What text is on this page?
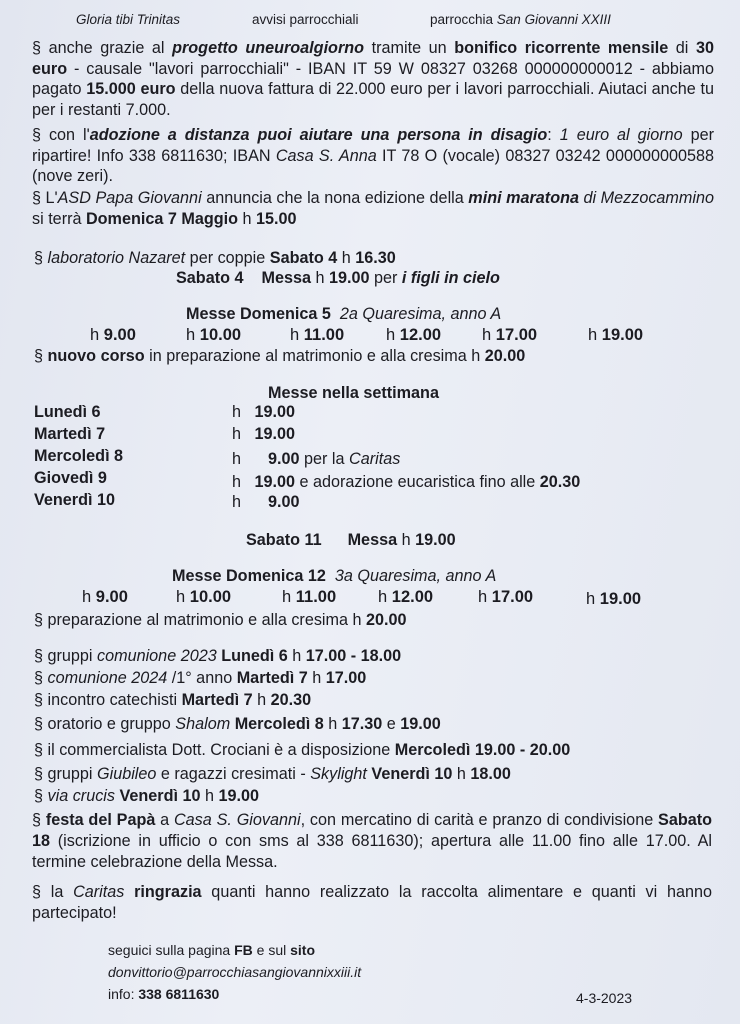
Gloria tibi Trinitas	avvisi parrocchiali	parrocchia San Giovanni XXIII
§ anche grazie al progetto uneuroalgiorno tramite un bonifico ricorrente mensile di 30 euro - causale "lavori parrocchiali" - IBAN IT 59 W 08327 03268 000000000012 - abbiamo pagato 15.000 euro della nuova fattura di 22.000 euro per i lavori parrocchiali. Aiutaci anche tu per i restanti 7.000.
§ con l'adozione a distanza puoi aiutare una persona in disagio: 1 euro al giorno per ripartire! Info 338 6811630; IBAN Casa S. Anna IT 78 O (vocale) 08327 03242 000000000588 (nove zeri).
§ L'ASD Papa Giovanni annuncia che la nona edizione della mini maratona di Mezzocammino si terrà Domenica 7 Maggio h 15.00
§ laboratorio Nazaret per coppie Sabato 4 h 16.30
Sabato 4 Messa h 19.00 per i figli in cielo
Messe Domenica 5 2a Quaresima, anno A
h 9.00	h 10.00	h 11.00	h 12.00 h 17.00	h 19.00
§ nuovo corso in preparazione al matrimonio e alla cresima h 20.00
Messe nella settimana
Lunedì 6	h   19.00
Martedì 7	h   19.00
Mercoledì 8	h      9.00 per la Caritas
Giovedì 9	h   19.00 e adorazione eucaristica fino alle 20.30
Venerdì 10	h      9.00
Sabato 11 Messa h 19.00
Messe Domenica 12 3a Quaresima, anno A
h 9.00	h 10.00	h 11.00	h 12.00	h 17.00	h 19.00
§ preparazione al matrimonio e alla cresima h 20.00
§ gruppi comunione 2023 Lunedì 6 h 17.00 - 18.00
§ comunione 2024 /1° anno Martedì 7 h 17.00
§ incontro catechisti Martedì 7 h 20.30
§ oratorio e gruppo Shalom Mercoledì 8 h 17.30 e 19.00
§ il commercialista Dott. Crociani è a disposizione Mercoledì 19.00 - 20.00
§ gruppi Giubileo e ragazzi cresimati - Skylight Venerdì 10 h 18.00
§ via crucis Venerdì 10 h 19.00
§ festa del Papà a Casa S. Giovanni, con mercatino di carità e pranzo di condivisione Sabato 18 (iscrizione in ufficio o con sms al 338 6811630); apertura alle 11.00 fino alle 17.00. Al termine celebrazione della Messa.
§ la Caritas ringrazia quanti hanno realizzato la raccolta alimentare e quanti vi hanno partecipato!
seguici sulla pagina FB e sul sito
donvittorio@parrocchiasangiovannixxiii.it
info: 338 6811630	4-3-2023
